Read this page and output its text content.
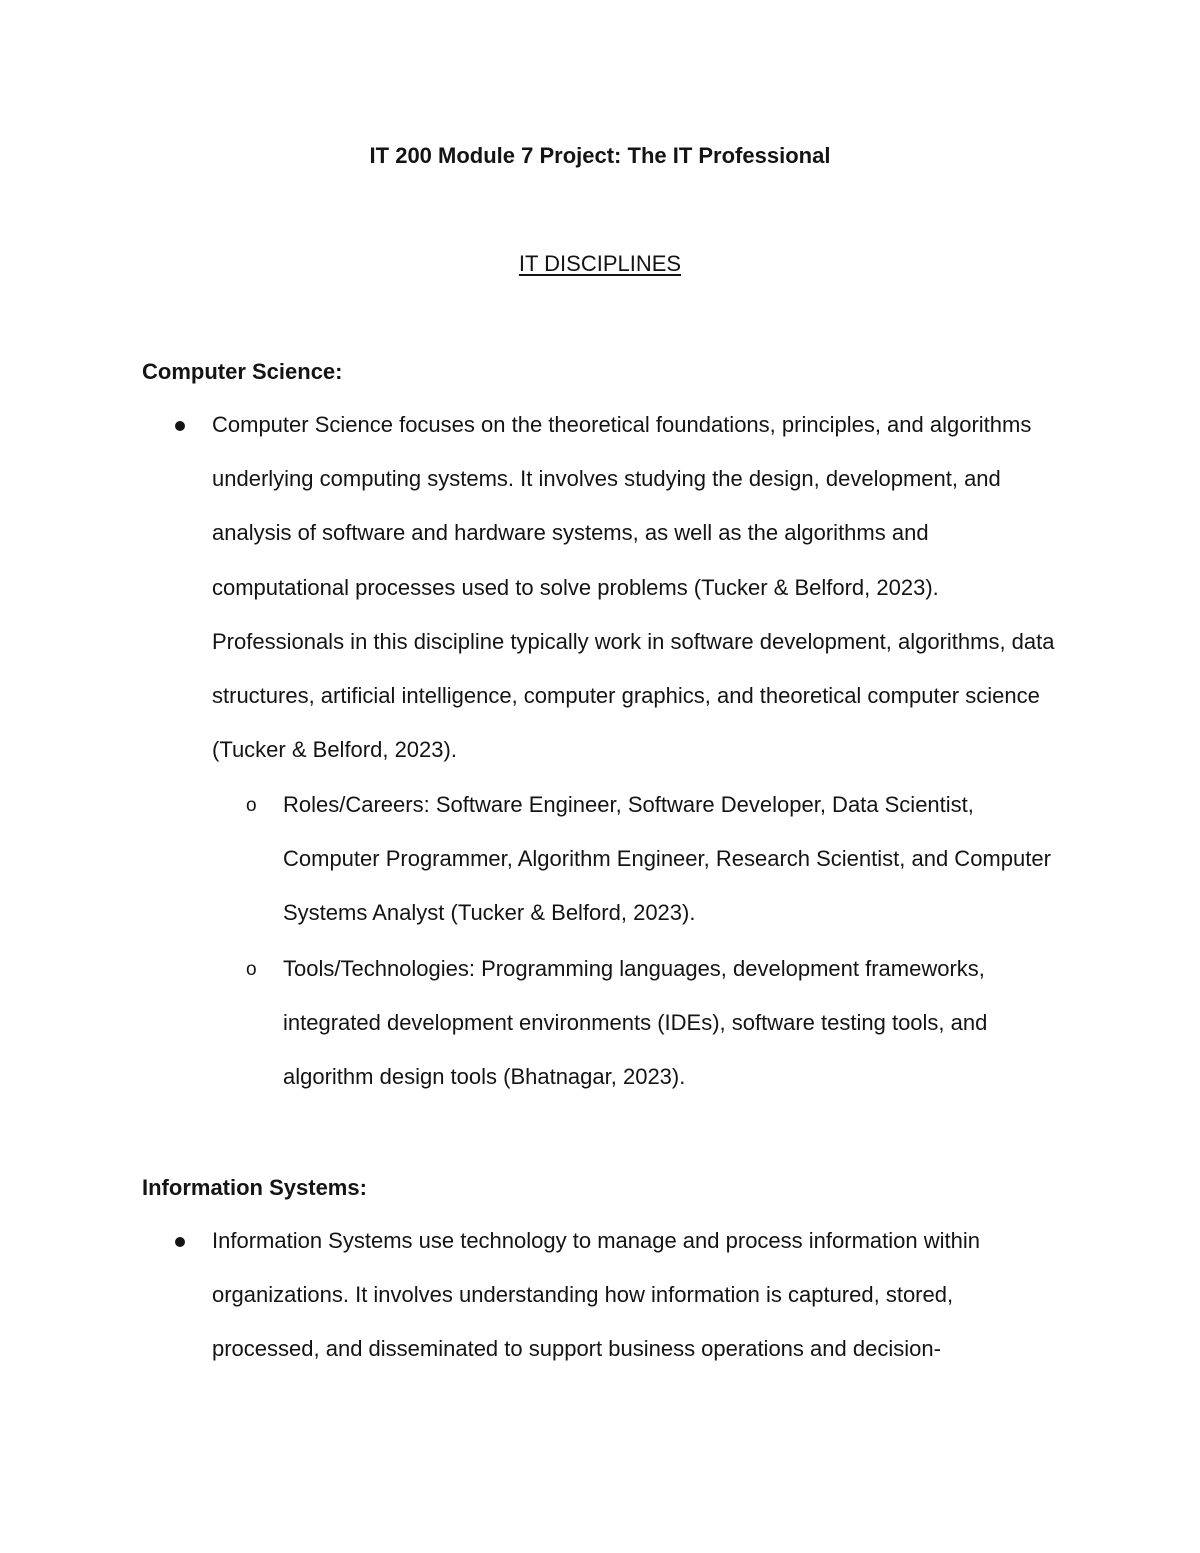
IT 200 Module 7 Project: The IT Professional
IT DISCIPLINES
Computer Science:

Computer Science focuses on the theoretical foundations, principles, and algorithms underlying computing systems. It involves studying the design, development, and analysis of software and hardware systems, as well as the algorithms and computational processes used to solve problems (Tucker & Belford, 2023). Professionals in this discipline typically work in software development, algorithms, data structures, artificial intelligence, computer graphics, and theoretical computer science (Tucker & Belford, 2023).

o Roles/Careers: Software Engineer, Software Developer, Data Scientist, Computer Programmer, Algorithm Engineer, Research Scientist, and Computer Systems Analyst (Tucker & Belford, 2023).

o Tools/Technologies: Programming languages, development frameworks, integrated development environments (IDEs), software testing tools, and algorithm design tools (Bhatnagar, 2023).

Information Systems:

Information Systems use technology to manage and process information within organizations. It involves understanding how information is captured, stored, processed, and disseminated to support business operations and decision-
